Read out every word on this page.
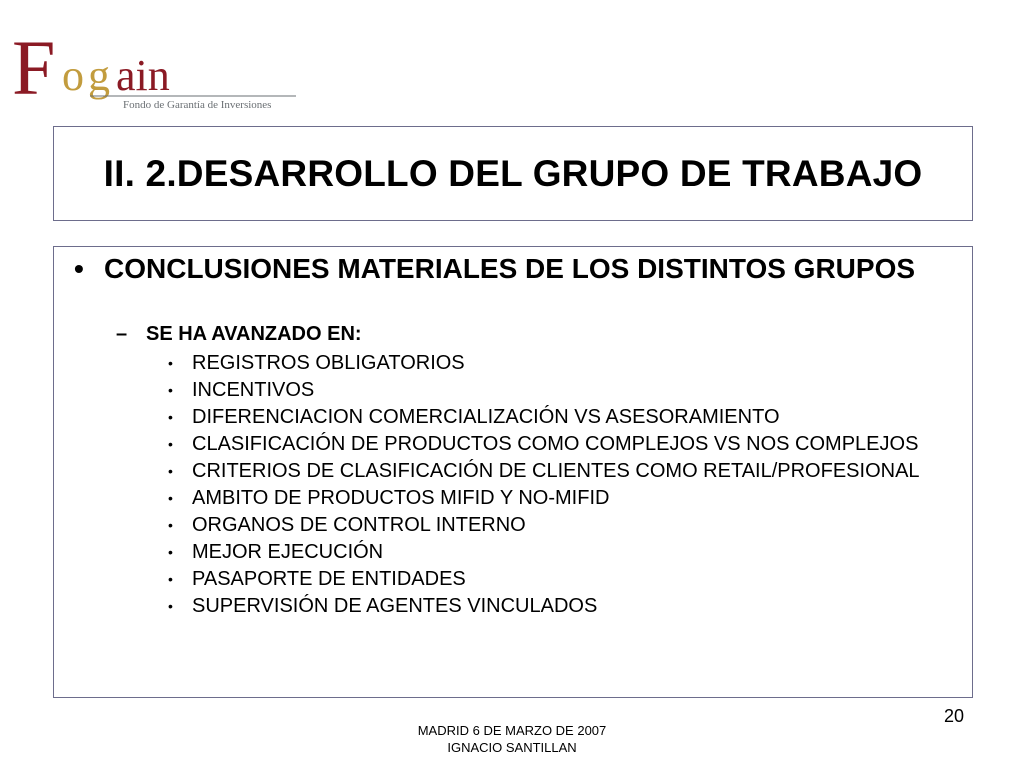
F o g ain
Fondo de Garantía de Inversiones
II. 2.DESARROLLO DEL GRUPO DE TRABAJO
• CONCLUSIONES MATERIALES DE LOS DISTINTOS GRUPOS
– SE HA AVANZADO EN:
• REGISTROS OBLIGATORIOS
• INCENTIVOS
• DIFERENCIACION COMERCIALIZACIÓN VS ASESORAMIENTO
• CLASIFICACIÓN DE PRODUCTOS COMO COMPLEJOS VS NOS COMPLEJOS
• CRITERIOS DE CLASIFICACIÓN DE CLIENTES COMO RETAIL/PROFESIONAL
• AMBITO DE PRODUCTOS MIFID Y NO-MIFID
• ORGANOS DE CONTROL INTERNO
• MEJOR EJECUCIÓN
• PASAPORTE DE ENTIDADES
• SUPERVISIÓN DE AGENTES VINCULADOS
20
MADRID 6 DE MARZO DE 2007
IGNACIO SANTILLAN
